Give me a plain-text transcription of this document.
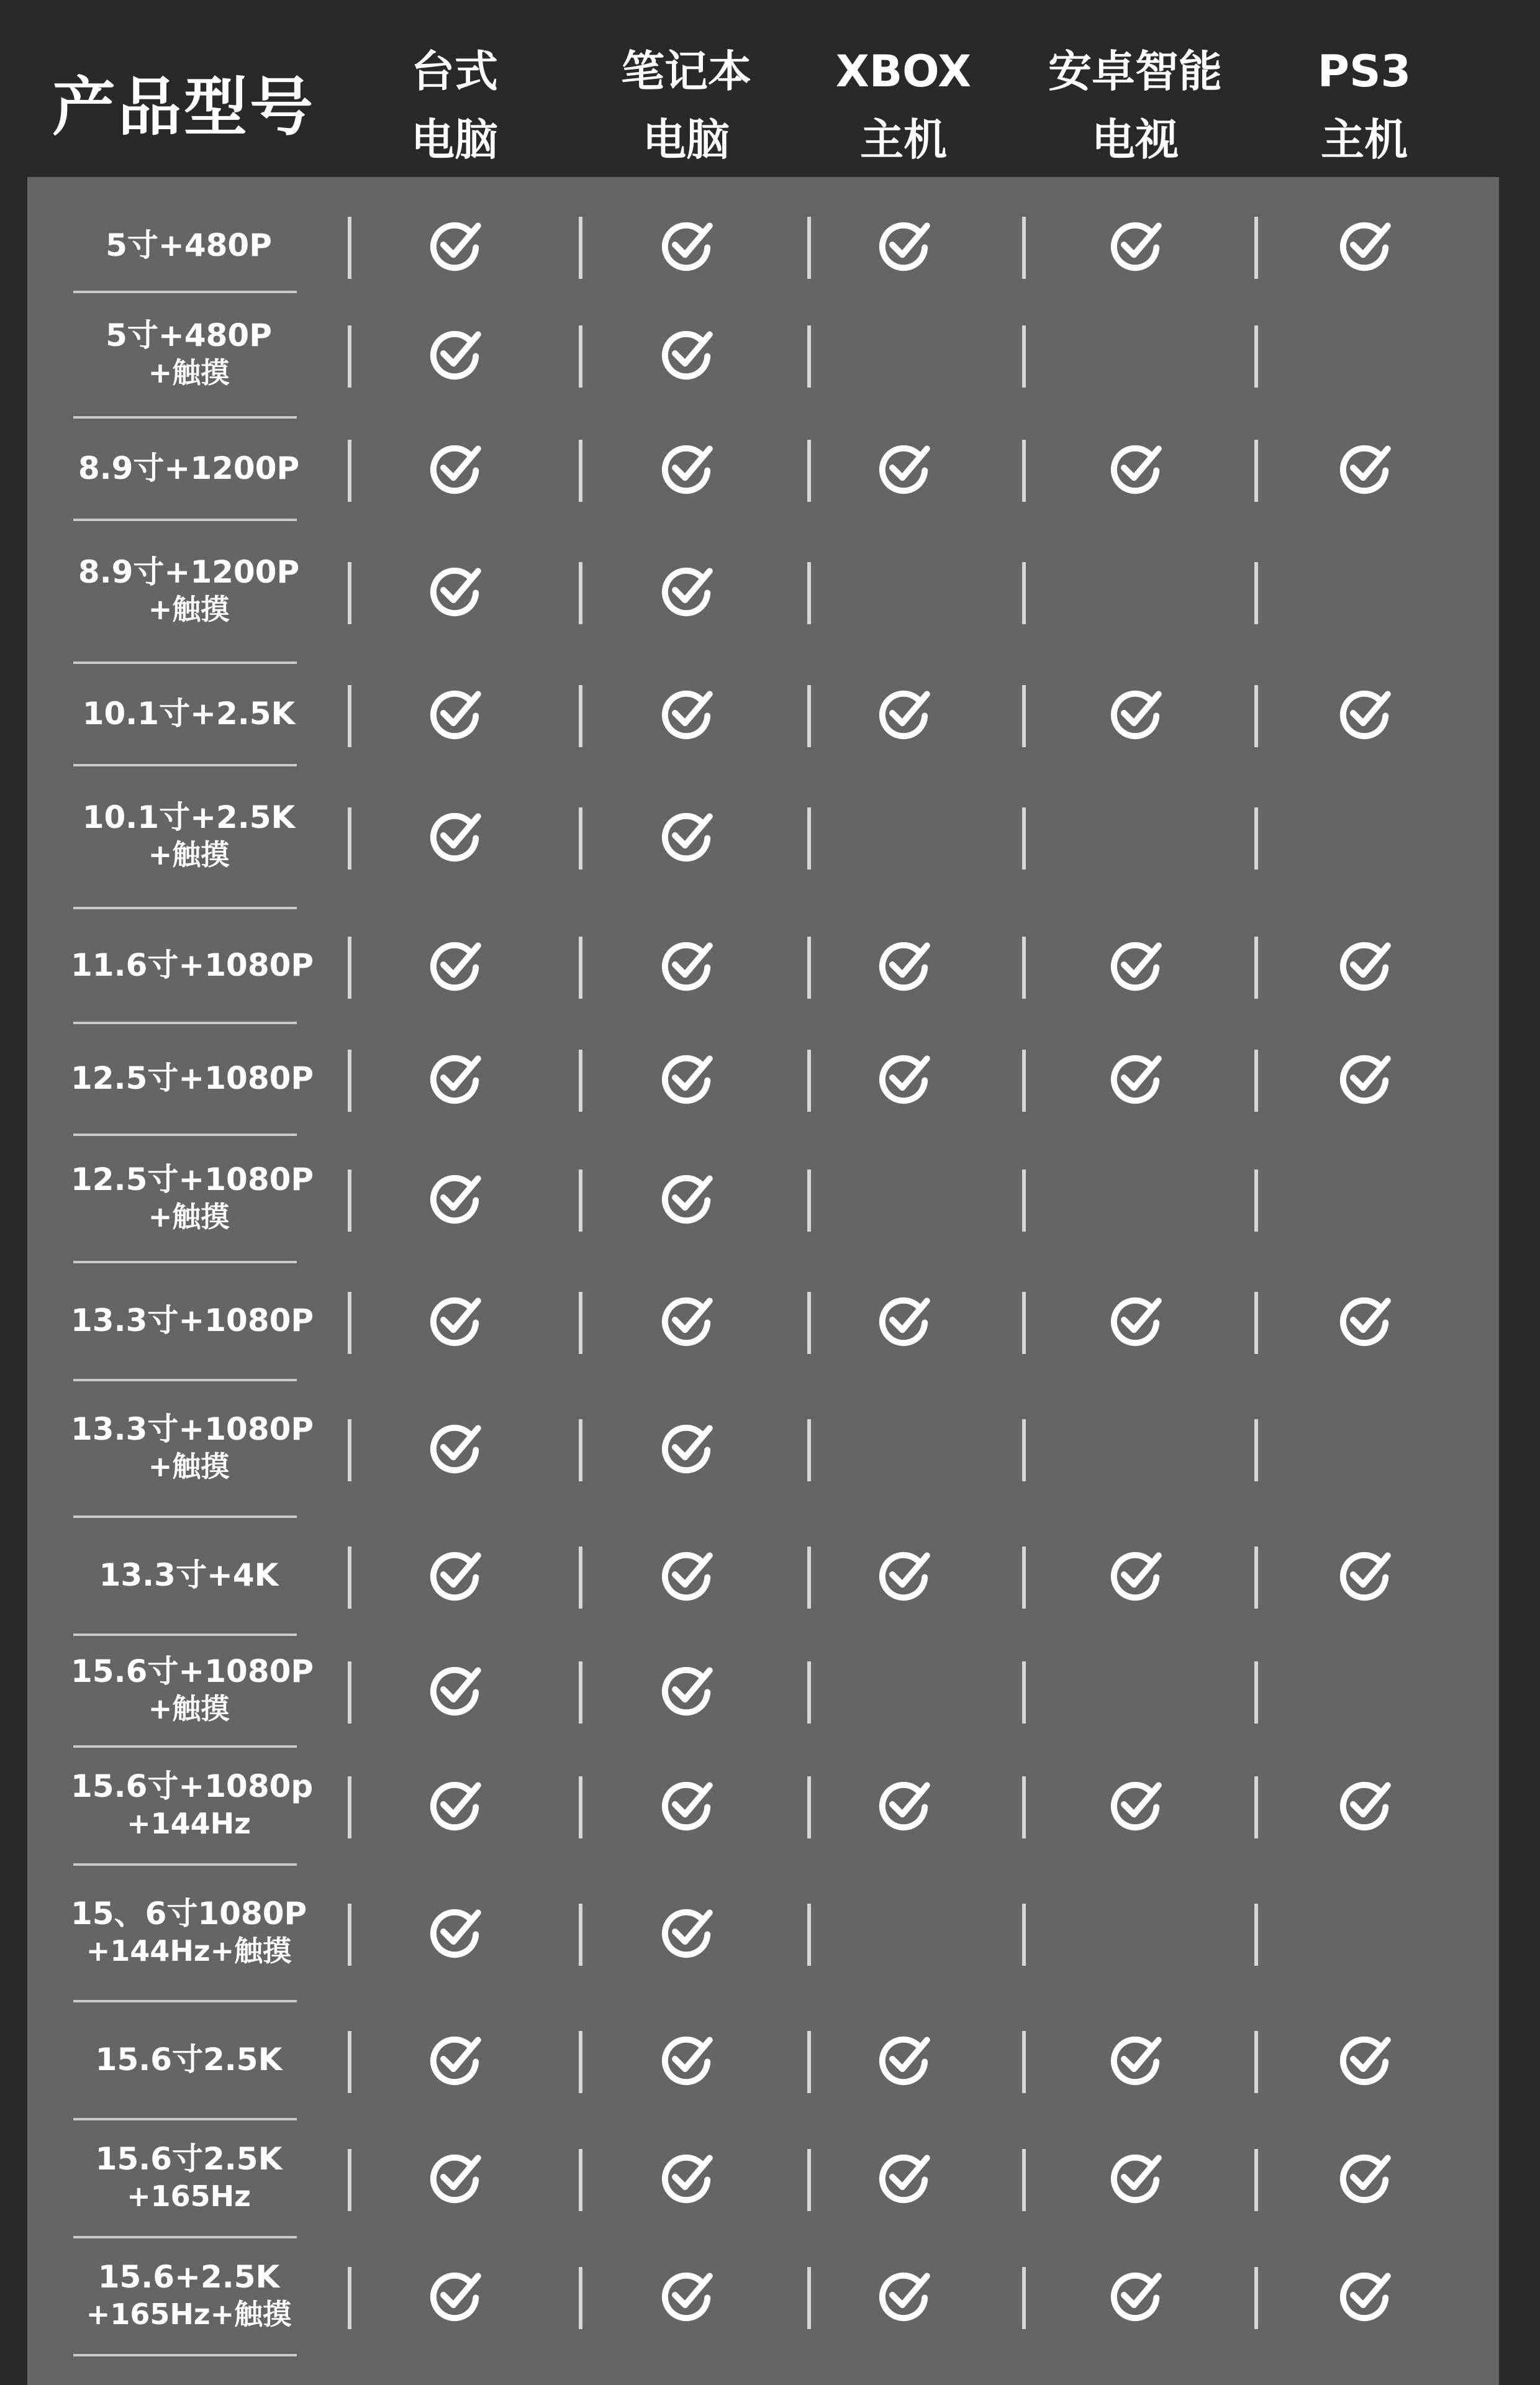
产品型号	台式
电脑
笔记本
电脑
XBOX
主机
安卓智能
电视
PS3
主机
5寸+480P
5寸+480P
+触摸
8.9寸+1200P
8.9寸+1200P
+触摸
10.1寸+2.5K
10.1寸+2.5K
+触摸
11.6寸+1080P
12.5寸+1080P
12.5寸+1080P
+触摸
13.3寸+1080P
13.3寸+1080P
+触摸
13.3寸+4K
15.6寸+1080P
+触摸
15.6寸+1080p
+144Hz
15、6寸1080P
+144Hz+触摸
15.6寸2.5K
15.6寸2.5K
+165Hz
15.6+2.5K
+165Hz+触摸
